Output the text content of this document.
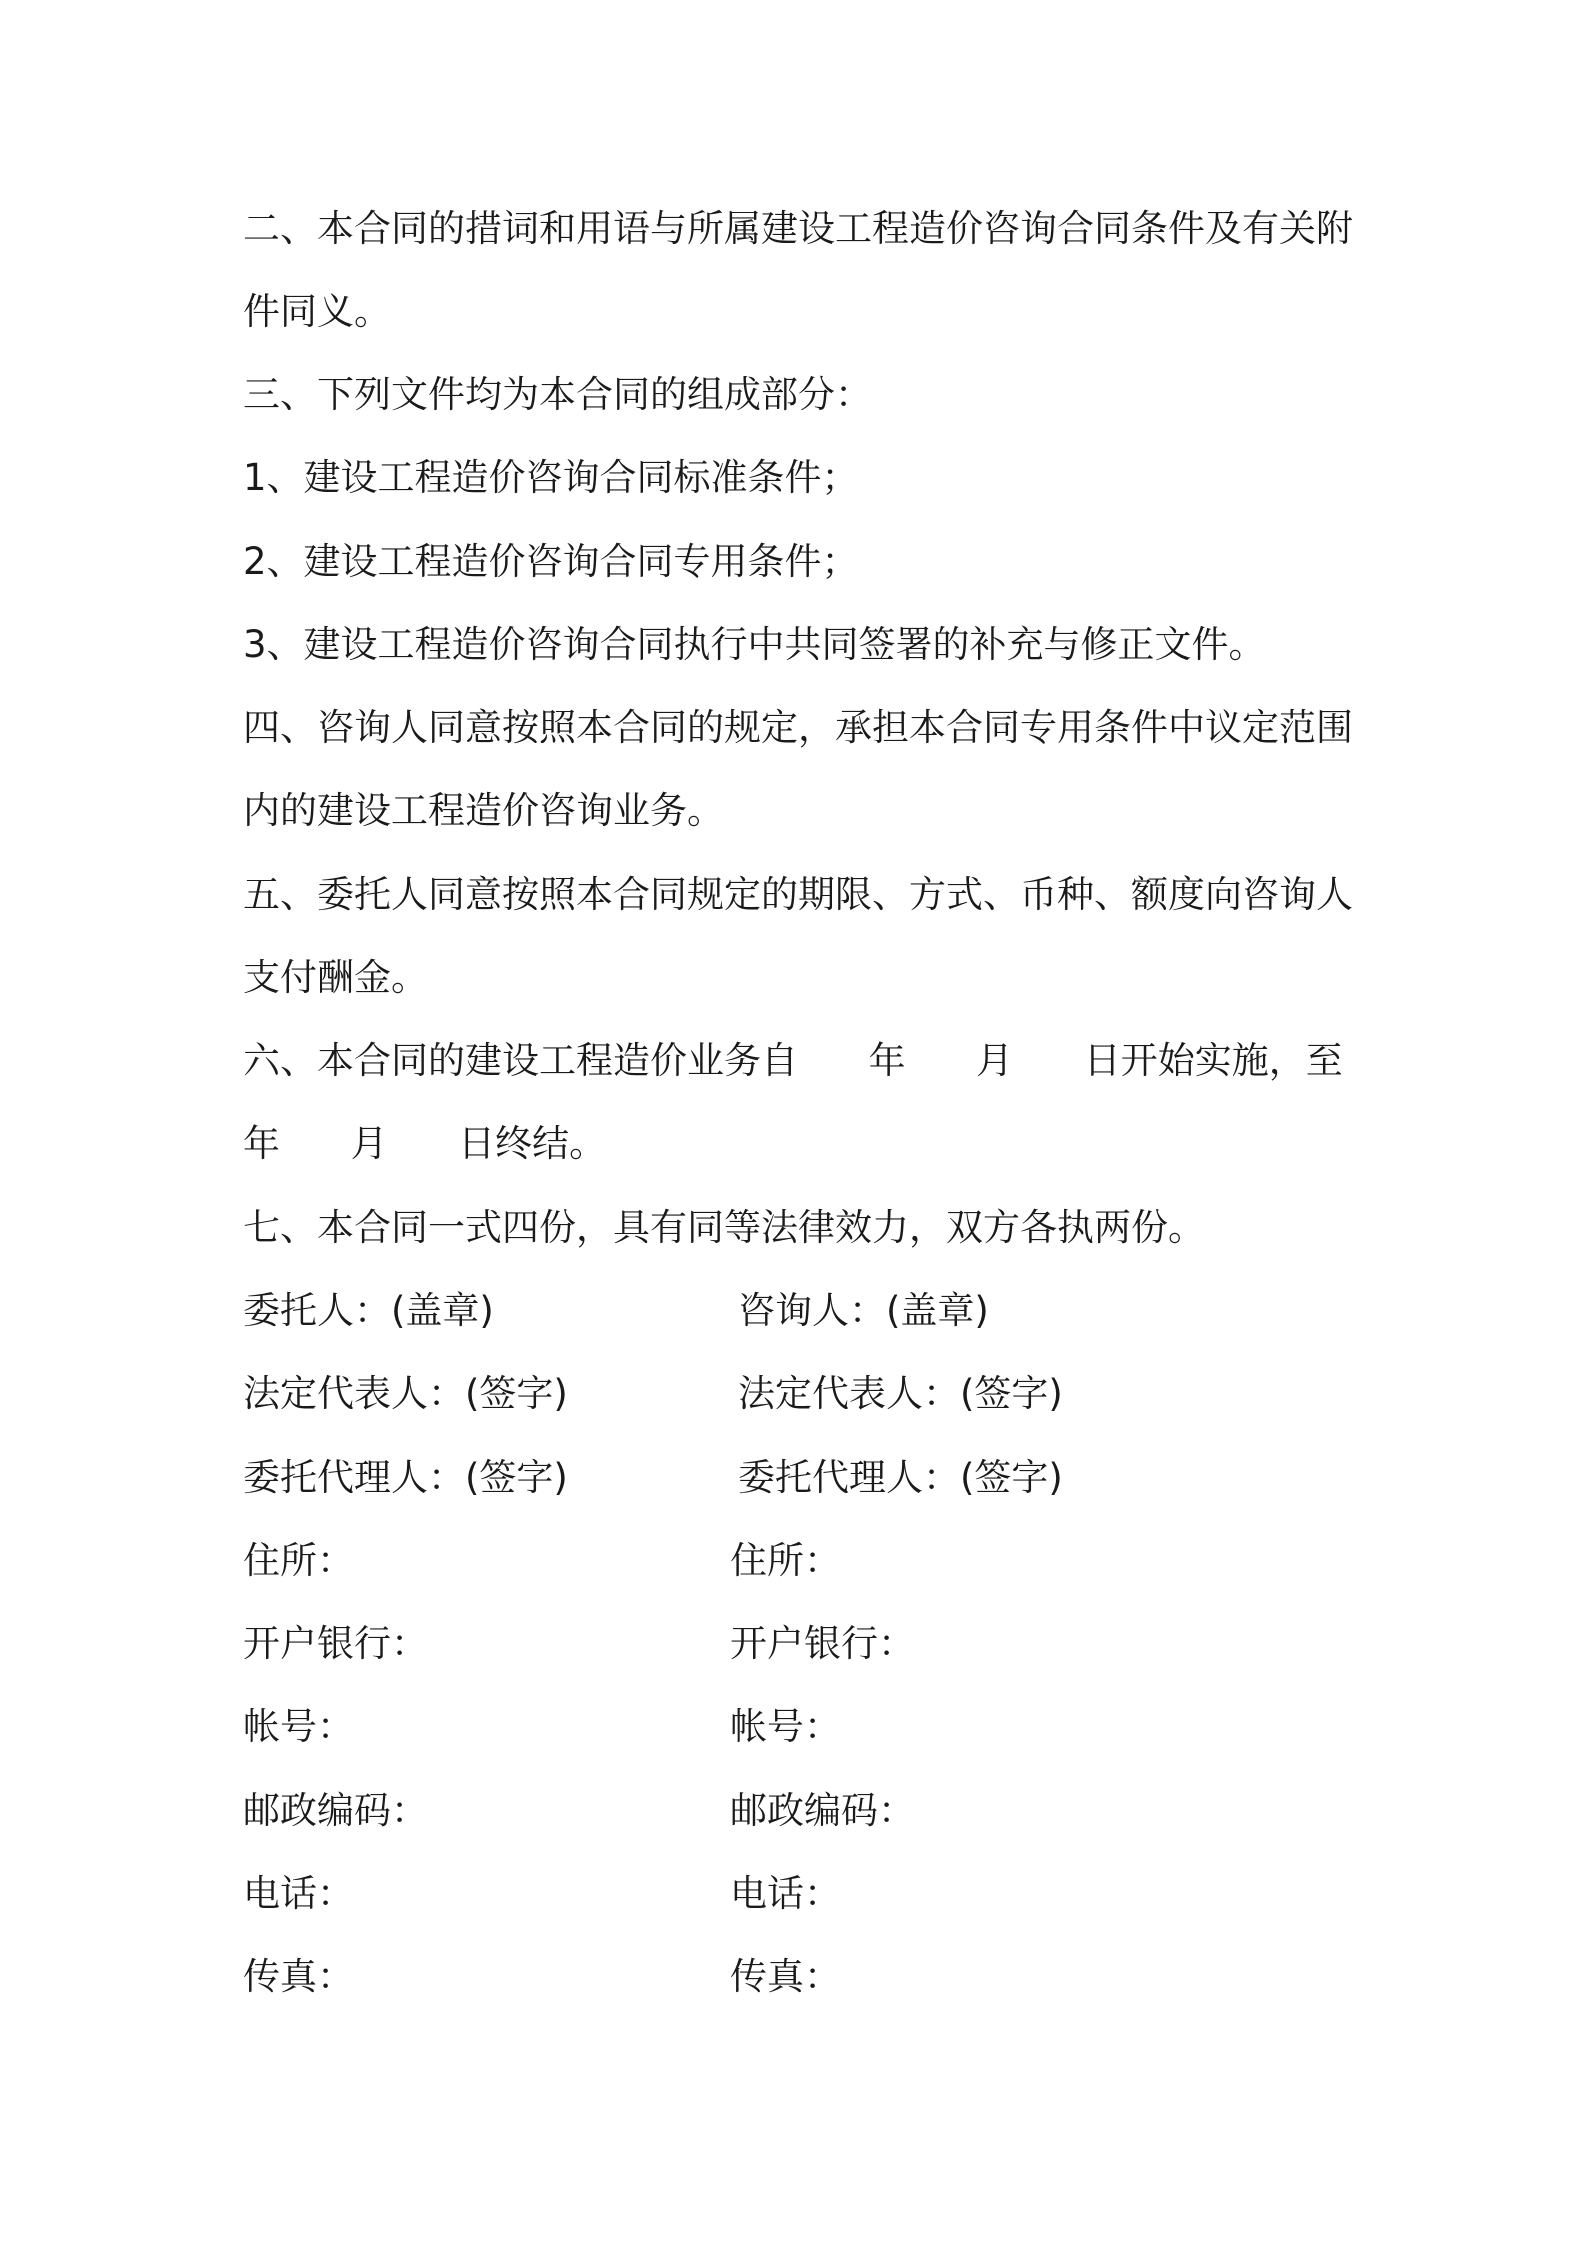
二、本合同的措词和用语与所属建设工程造价咨询合同条件及有关附

件同义。

三、下列文件均为本合同的组成部分：

1、建设工程造价咨询合同标准条件；

2、建设工程造价咨询合同专用条件；

3、建设工程造价咨询合同执行中共同签署的补充与修正文件。

四、咨询人同意按照本合同的规定，承担本合同专用条件中议定范围

内的建设工程造价咨询业务。

五、委托人同意按照本合同规定的期限、方式、币种、额度向咨询人

支付酬金。

六、本合同的建设工程造价业务自      年      月      日开始实施，至

年      月      日终结。

七、本合同一式四份，具有同等法律效力，双方各执两份。

委托人：(盖章)

法定代表人：(签字)

委托代理人：(签字)

住所：

开户银行：

帐号：

邮政编码：

电话：

传真：

咨询人：(盖章)

法定代表人：(签字)

委托代理人：(签字)

住所：

开户银行：

帐号：

邮政编码：

电话：

传真：
